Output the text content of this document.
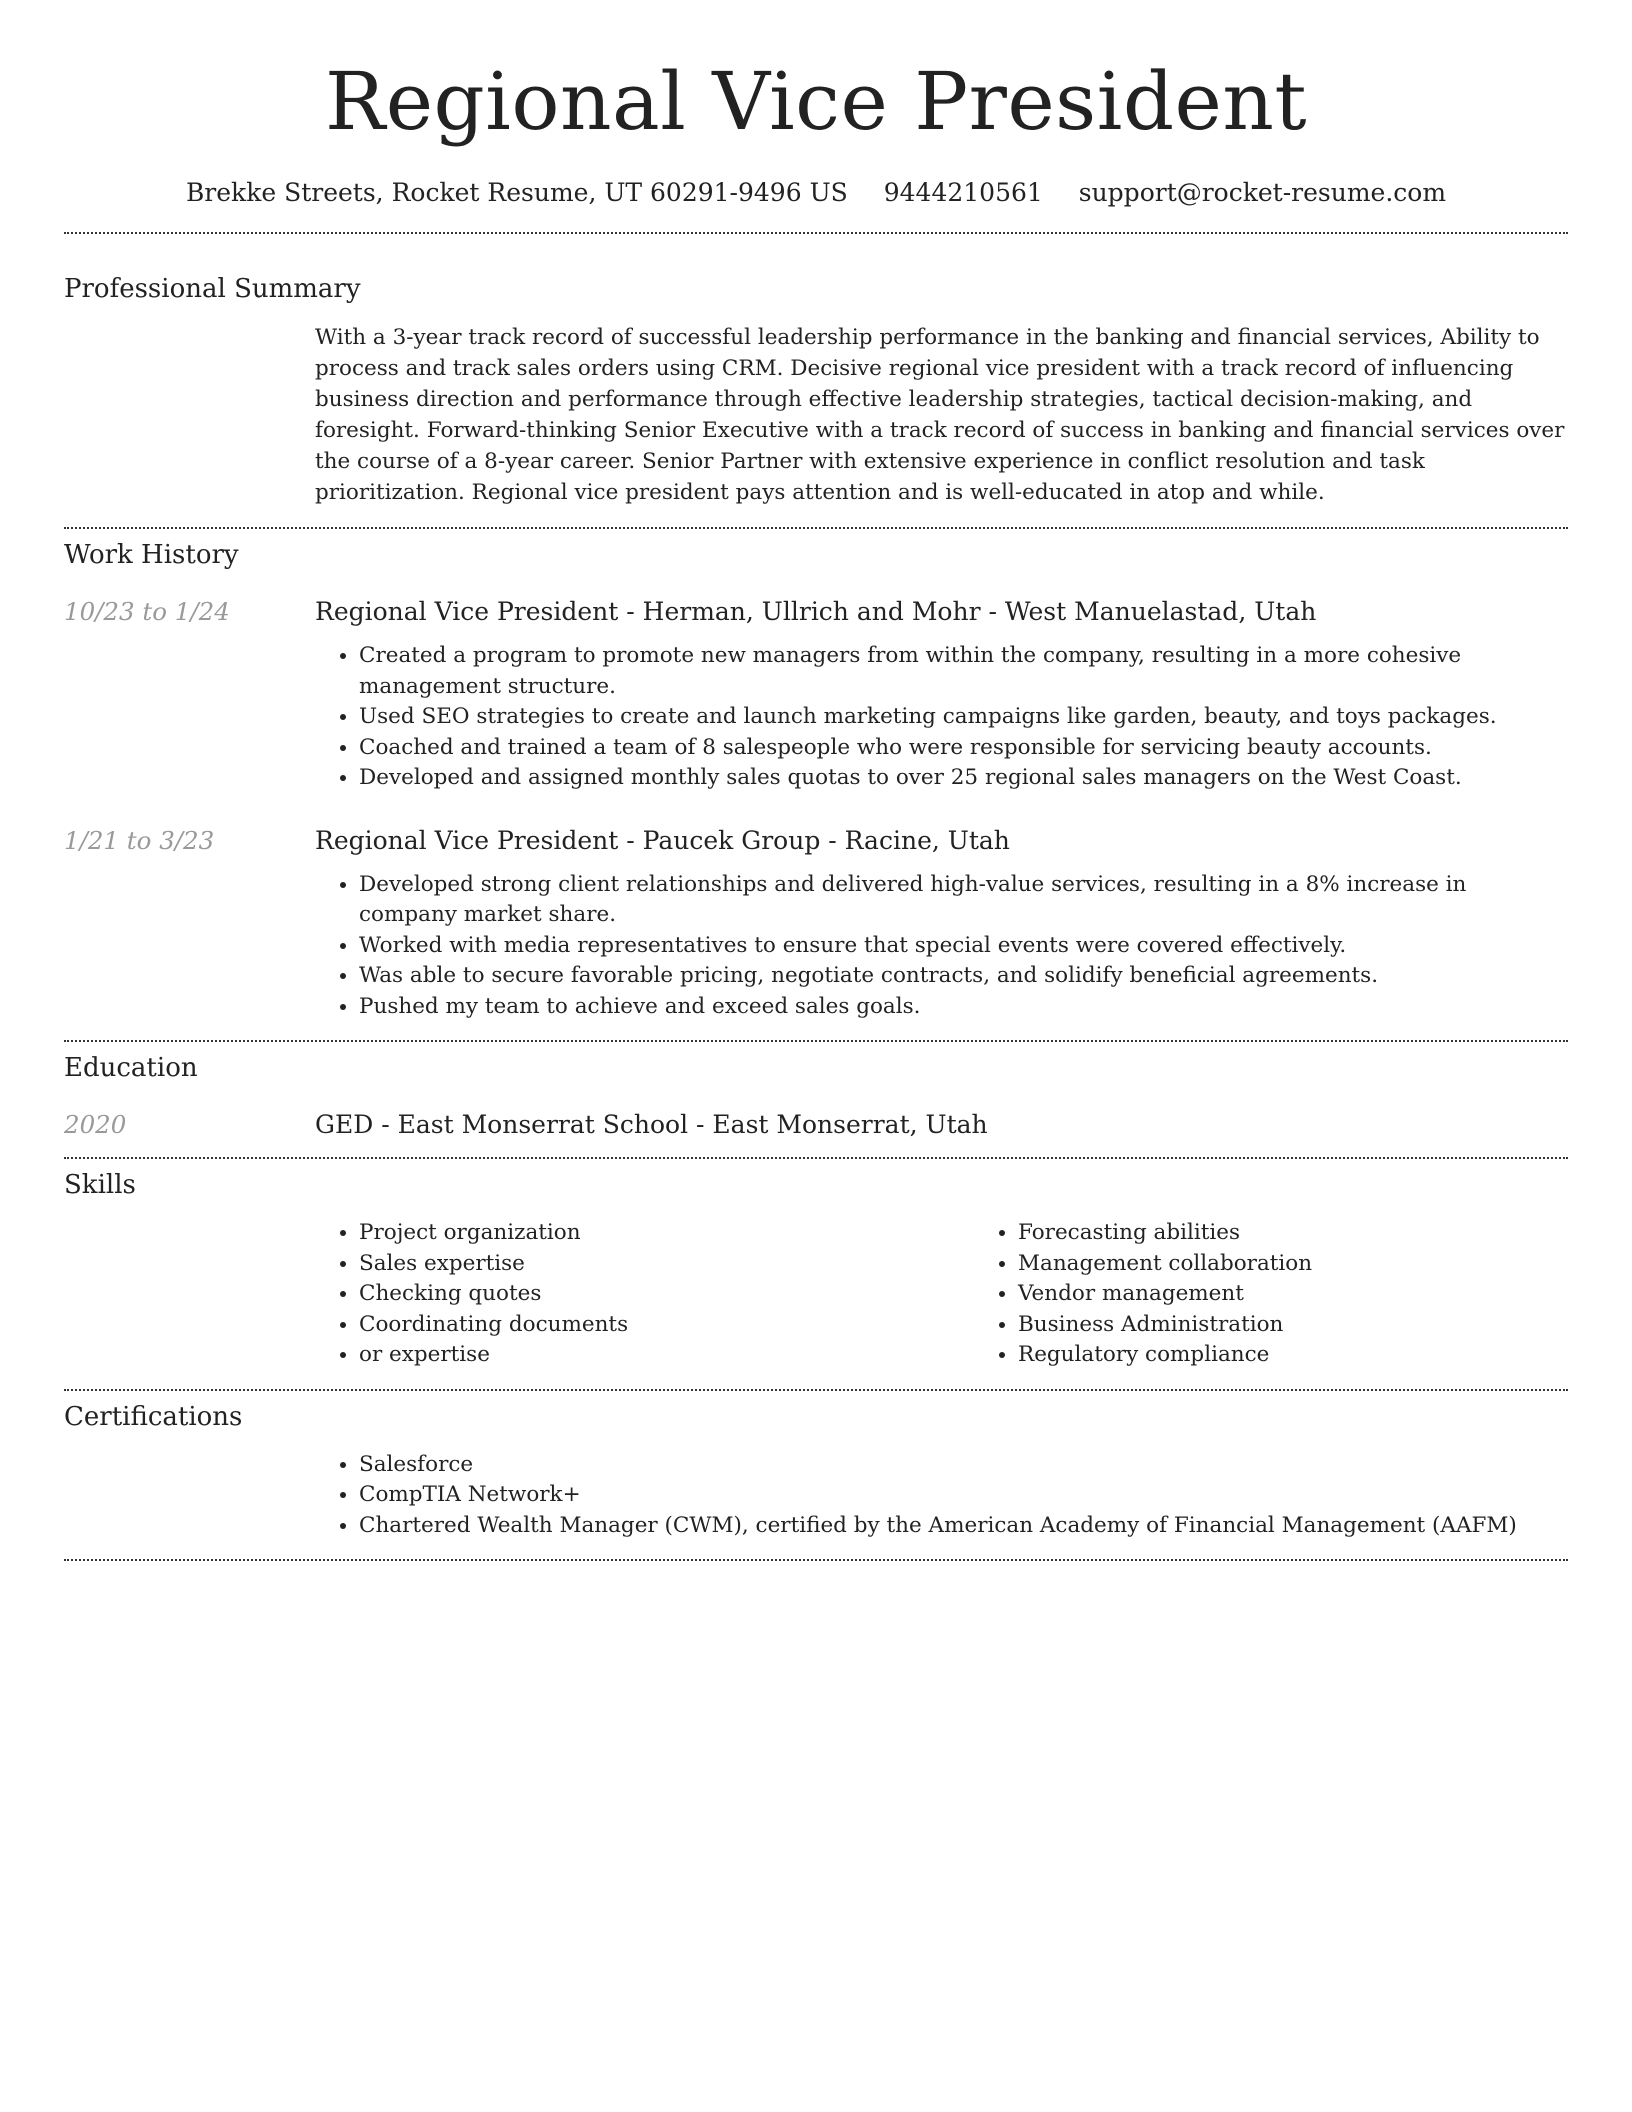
Regional Vice President
Brekke Streets, Rocket Resume, UT 60291-9496 US 9444210561 support@rocket-resume.com
Professional Summary

With a 3-year track record of successful leadership performance in the banking and financial services, Ability to process and track sales orders using CRM. Decisive regional vice president with a track record of influencing business direction and performance through effective leadership strategies, tactical decision-making, and foresight. Forward-thinking Senior Executive with a track record of success in banking and financial services over the course of a 8-year career. Senior Partner with extensive experience in conflict resolution and task prioritization. Regional vice president pays attention and is well-educated in atop and while.

Work History
10/23 to 1/24	Regional Vice President - Herman, Ullrich and Mohr - West Manuelastad, Utah
• Created a program to promote new managers from within the company, resulting in a more cohesive management structure.
• Used SEO strategies to create and launch marketing campaigns like garden, beauty, and toys packages.
• Coached and trained a team of 8 salespeople who were responsible for servicing beauty accounts.
• Developed and assigned monthly sales quotas to over 25 regional sales managers on the West Coast.
1/21 to 3/23	Regional Vice President - Paucek Group - Racine, Utah
• Developed strong client relationships and delivered high-value services, resulting in a 8% increase in company market share.
• Worked with media representatives to ensure that special events were covered effectively.
• Was able to secure favorable pricing, negotiate contracts, and solidify beneficial agreements.
• Pushed my team to achieve and exceed sales goals.
Education
2020	GED - East Monserrat School - East Monserrat, Utah
Skills
• Project organization
• Sales expertise
• Checking quotes
• Coordinating documents
• or expertise
• Forecasting abilities
• Management collaboration
• Vendor management
• Business Administration
• Regulatory compliance
Certifications
• Salesforce
• CompTIA Network+
• Chartered Wealth Manager (CWM), certified by the American Academy of Financial Management (AAFM)
